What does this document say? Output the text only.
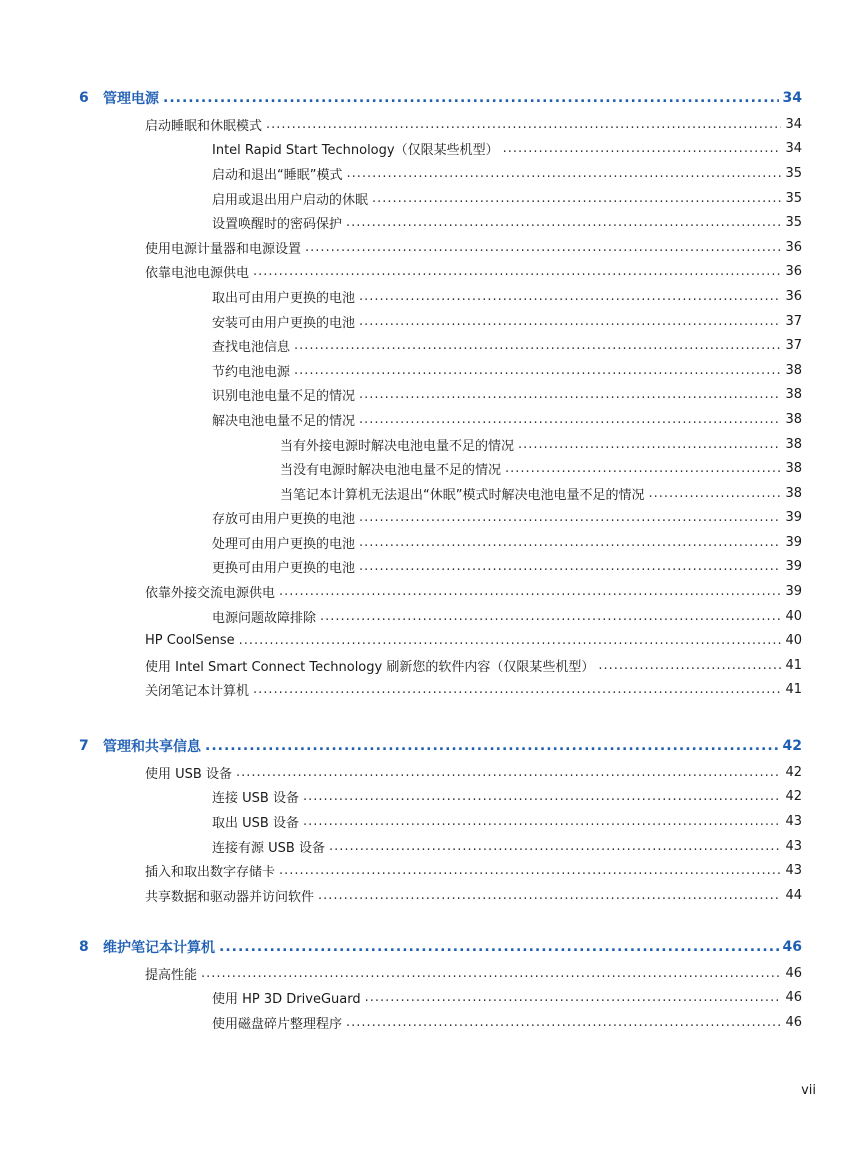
6	管理电源 .....	34
启动睡眠和休眠模式 .....	34
Intel Rapid Start Technology（仅限某些机型） .....	34
启动和退出“睡眠”模式 .....	35
启用或退出用户启动的休眠 .....	35
设置唤醒时的密码保护 .....	35
使用电源计量器和电源设置 .....	36
依靠电池电源供电 .....	36
取出可由用户更换的电池 .....	36
安装可由用户更换的电池 .....	37
查找电池信息 .....	37
节约电池电源 .....	38
识别电池电量不足的情况 .....	38
解决电池电量不足的情况 .....	38
当有外接电源时解决电池电量不足的情况 .....	38
当没有电源时解决电池电量不足的情况 .....	38
当笔记本计算机无法退出“休眠”模式时解决电池电量不足的情况 .....	38
存放可由用户更换的电池 .....	39
处理可由用户更换的电池 .....	39
更换可由用户更换的电池 .....	39
依靠外接交流电源供电 .....	39
电源问题故障排除 .....	40
HP CoolSense .....	40
使用 Intel Smart Connect Technology 刷新您的软件内容（仅限某些机型） .....	41
关闭笔记本计算机 .....	41
7	管理和共享信息 .....	42
使用 USB 设备 .....	42
连接 USB 设备 .....	42
取出 USB 设备 .....	43
连接有源 USB 设备 .....	43
插入和取出数字存储卡 .....	43
共享数据和驱动器并访问软件 .....	44
8	维护笔记本计算机 .....	46
提高性能 .....	46
使用 HP 3D DriveGuard .....	46
使用磁盘碎片整理程序 .....	46
vii
